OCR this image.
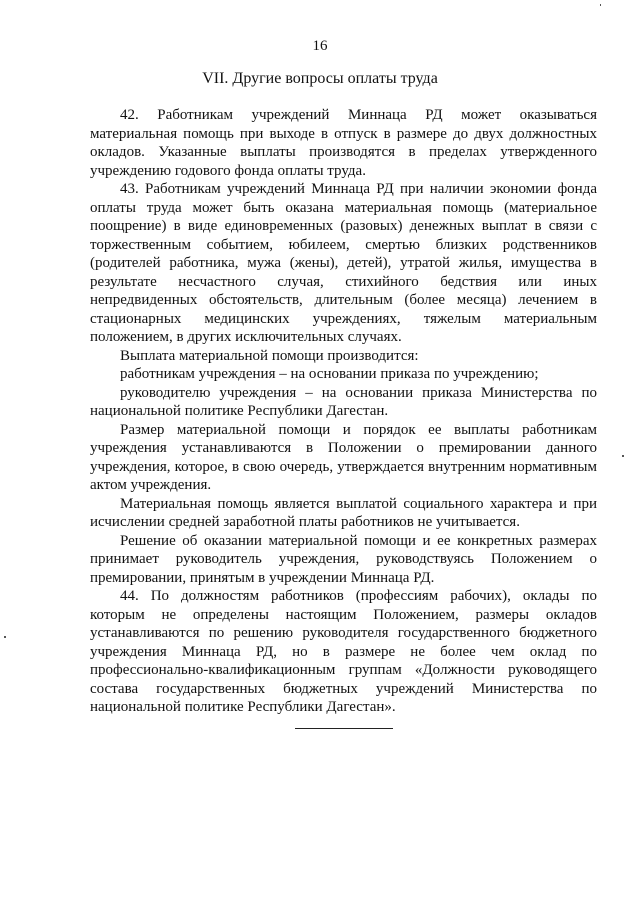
16
VII. Другие вопросы оплаты труда

42. Работникам учреждений Миннаца РД может оказываться материальная помощь при выходе в отпуск в размере до двух должностных окладов. Указанные выплаты производятся в пределах утвержденного учреждению годового фонда оплаты труда.

43. Работникам учреждений Миннаца РД при наличии экономии фонда оплаты труда может быть оказана материальная помощь (материальное поощрение) в виде единовременных (разовых) денежных выплат в связи с торжественным событием, юбилеем, смертью близких родственников (родителей работника, мужа (жены), детей), утратой жилья, имущества в результате несчастного случая, стихийного бедствия или иных непредвиденных обстоятельств, длительным (более месяца) лечением в стационарных медицинских учреждениях, тяжелым материальным положением, в других исключительных случаях.

Выплата материальной помощи производится:

работникам учреждения – на основании приказа по учреждению;

руководителю учреждения – на основании приказа Министерства по национальной политике Республики Дагестан.

Размер материальной помощи и порядок ее выплаты работникам учреждения устанавливаются в Положении о премировании данного учреждения, которое, в свою очередь, утверждается внутренним нормативным актом учреждения.

Материальная помощь является выплатой социального характера и при исчислении средней заработной платы работников не учитывается.

Решение об оказании материальной помощи и ее конкретных размерах принимает руководитель учреждения, руководствуясь Положением о премировании, принятым в учреждении Миннаца РД.

44. По должностям работников (профессиям рабочих), оклады по которым не определены настоящим Положением, размеры окладов устанавливаются по решению руководителя государственного бюджетного учреждения Миннаца РД, но в размере не более чем оклад по профессионально-квалификационным группам «Должности руководящего состава государственных бюджетных учреждений Министерства по национальной политике Республики Дагестан».
